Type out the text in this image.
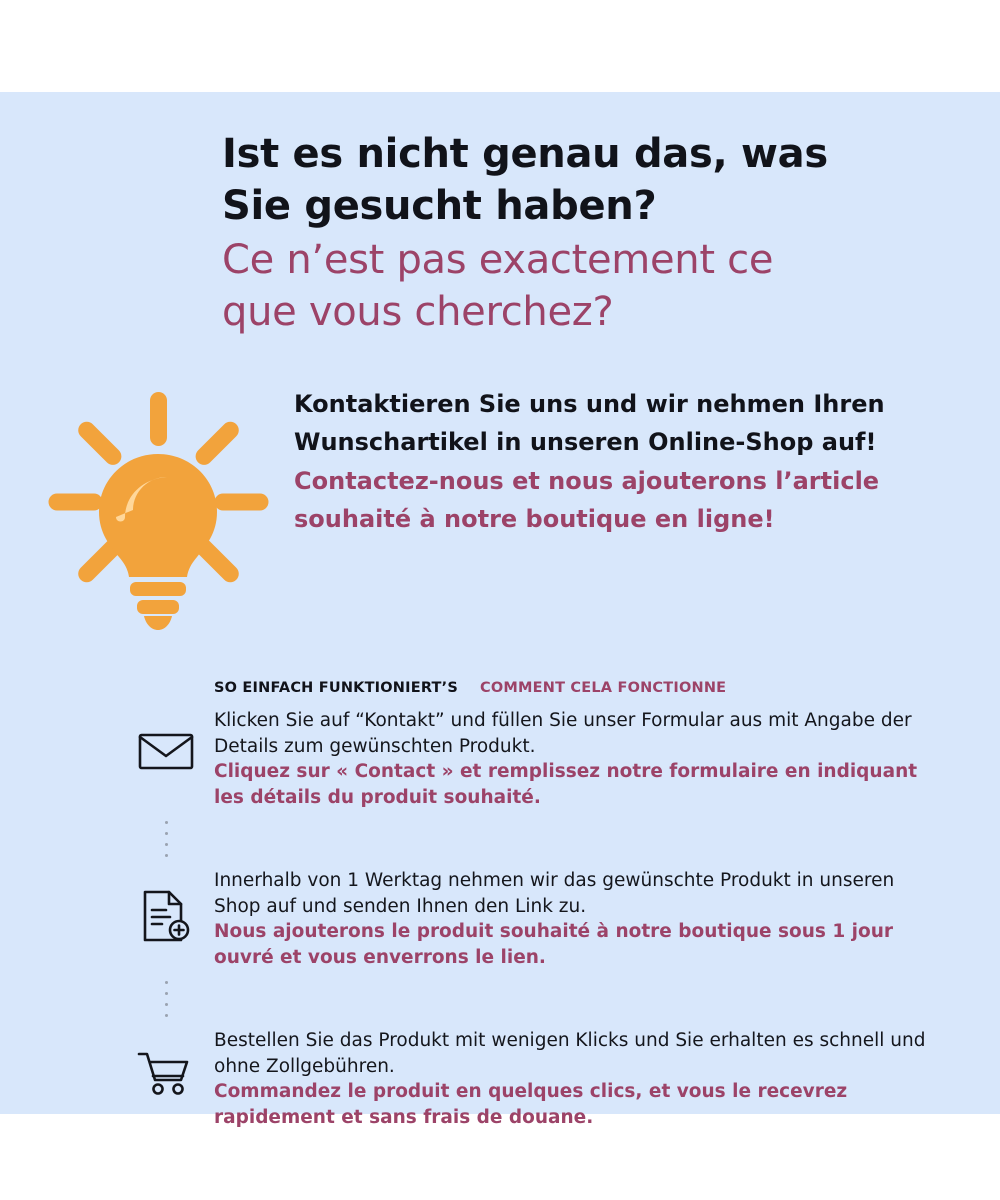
Ist es nicht genau das, was
Sie gesucht haben?
Ce n’est pas exactement ce
que vous cherchez?
Kontaktieren Sie uns und wir nehmen Ihren Wunschartikel in unseren Online-Shop auf!
Contactez-nous et nous ajouterons l’article souhaité à notre boutique en ligne!
SO EINFACH FUNKTIONIERT’S COMMENT CELA FONCTIONNE
Klicken Sie auf “Kontakt” und füllen Sie unser Formular aus mit Angabe der Details zum gewünschten Produkt.
Cliquez sur « Contact » et remplissez notre formulaire en indiquant les détails du produit souhaité.
Innerhalb von 1 Werktag nehmen wir das gewünschte Produkt in unseren Shop auf und senden Ihnen den Link zu.
Nous ajouterons le produit souhaité à notre boutique sous 1 jour ouvré et vous enverrons le lien.
Bestellen Sie das Produkt mit wenigen Klicks und Sie erhalten es schnell und ohne Zollgebühren.
Commandez le produit en quelques clics, et vous le recevrez rapidement et sans frais de douane.
